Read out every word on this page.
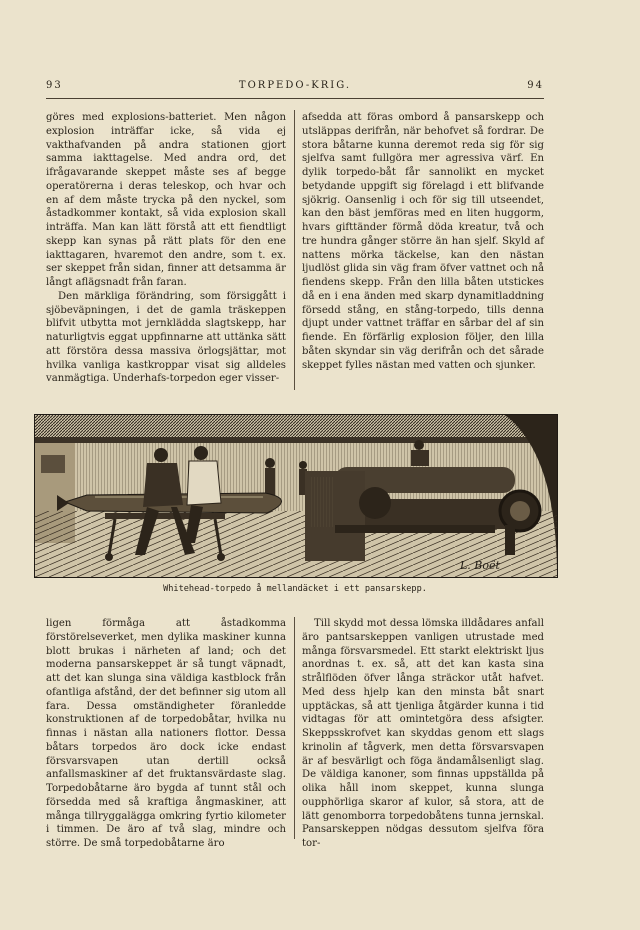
93	TORPEDO-KRIG.	94

göres med explosions-batteriet. Men någon explosion inträffar icke, så vida ej vakthafvanden på andra stationen gjort samma iakttagelse. Med andra ord, det ifrågavarande skeppet måste ses af begge operatörerna i deras teleskop, och hvar och en af dem måste trycka på den nyckel, som åstadkommer kontakt, så vida explosion skall inträffa. Man kan lätt förstå att ett fiendtligt skepp kan synas på rätt plats för den ene iakttagaren, hvaremot den andre, som t. ex. ser skeppet från sidan, finner att detsamma är långt aflägsnadt från faran.

Den märkliga förändring, som försiggått i sjöbeväpningen, i det de gamla träskeppen blifvit utbytta mot jernklädda slagtskepp, har naturligtvis eggat uppfinnarne att uttänka sätt att förstöra dessa massiva örlogsjättar, mot hvilka vanliga kastkroppar visat sig alldeles vanmägtiga. Underhafs-torpedon eger visser-

afsedda att föras ombord å pansarskepp och utsläppas derifrån, när behofvet så fordrar. De stora båtarne kunna deremot reda sig för sig sjelfva samt fullgöra mer agressiva värf. En dylik torpedo-båt får sannolikt en mycket betydande uppgift sig förelagd i ett blifvande sjökrig. Oansenlig i och för sig till utseendet, kan den bäst jemföras med en liten huggorm, hvars gifttänder förmå döda kreatur, två och tre hundra gånger större än han sjelf. Skyld af nattens mörka täckelse, kan den nästan ljudlöst glida sin väg fram öfver vattnet och nå fiendens skepp. Från den lilla båten utstickes då en i ena änden med skarp dynamitladdning försedd stång, en stång-torpedo, tills denna djupt under vattnet träffar en sårbar del af sin fiende. En förfärlig explosion följer, den lilla båten skyndar sin väg derifrån och det sårade skeppet fylles nästan med vatten och sjunker.

L. Boët
Whitehead-torpedo å mellandäcket i ett pansarskepp.

ligen förmåga att åstadkomma förstörelseverket, men dylika maskiner kunna blott brukas i närheten af land; och det moderna pansarskeppet är så tungt väpnadt, att det kan slunga sina väldiga kastblock från ofantliga afstånd, der det befinner sig utom all fara. Dessa omständigheter föranledde konstruktionen af de torpedobåtar, hvilka nu finnas i nästan alla nationers flottor. Dessa båtars torpedos äro dock icke endast försvarsvapen utan dertill också anfallsmaskiner af det fruktansvärdaste slag. Torpedobåtarne äro bygda af tunnt stål och försedda med så kraftiga ångmaskiner, att många tillryggalägga omkring fyrtio kilometer i timmen. De äro af två slag, mindre och större. De små torpedobåtarne äro

Till skydd mot dessa lömska illdådares anfall äro pantsarskeppen vanligen utrustade med många försvarsmedel. Ett starkt elektriskt ljus anordnas t. ex. så, att det kan kasta sina strålflöden öfver långa sträckor utåt hafvet. Med dess hjelp kan den minsta båt snart upptäckas, så att tjenliga åtgärder kunna i tid vidtagas för att omintetgöra dess afsigter. Skeppsskrofvet kan skyddas genom ett slags krinolin af tågverk, men detta försvarsvapen är af besvärligt och föga ändamålsenligt slag. De väldiga kanoner, som finnas uppställda på olika håll inom skeppet, kunna slunga oupphörliga skaror af kulor, så stora, att de lätt genomborra torpedobåtens tunna jernskal. Pansarskeppen nödgas dessutom sjelfva föra tor-
